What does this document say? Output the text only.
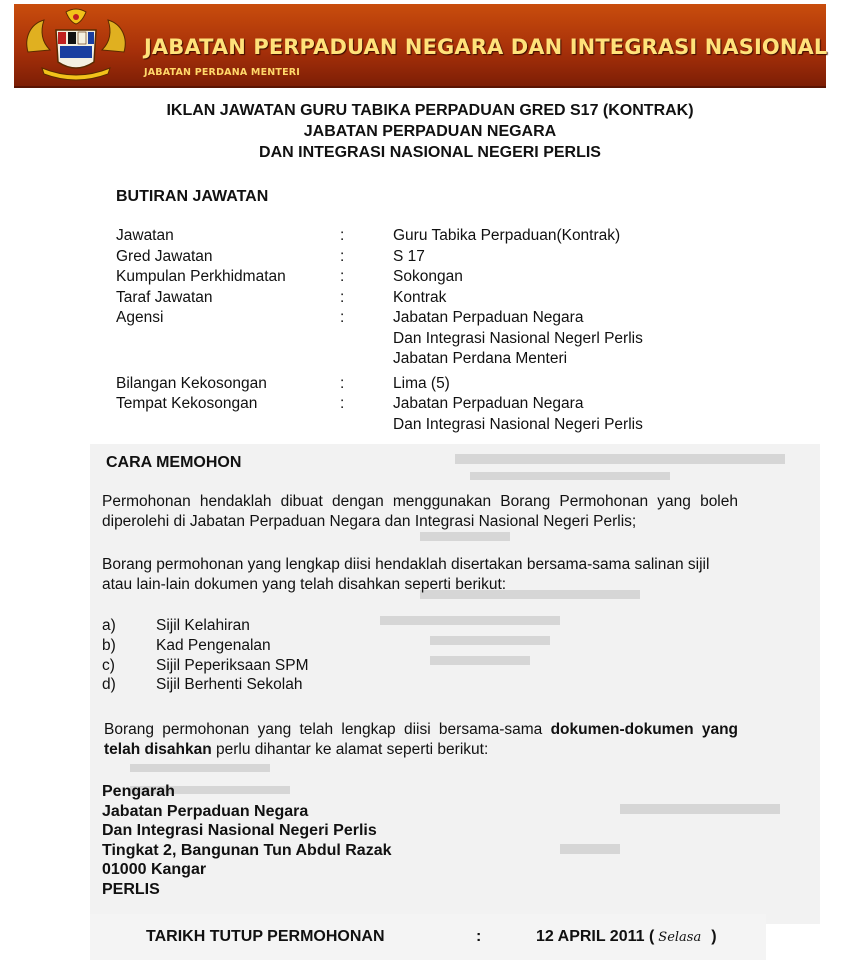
JABATAN PERPADUAN NEGARA DAN INTEGRASI NASIONAL

JABATAN PERDANA MENTERI

IKLAN JAWATAN GURU TABIKA PERPADUAN GRED S17 (KONTRAK)
JABATAN PERPADUAN NEGARA
DAN INTEGRASI NASIONAL NEGERI PERLIS
BUTIRAN JAWATAN
Jawatan	:	Guru Tabika Perpaduan(Kontrak)
Gred Jawatan	:	S 17
Kumpulan Perkhidmatan	:	Sokongan
Taraf Jawatan	:	Kontrak
Agensi	:	Jabatan Perpaduan Negara
Dan Integrasi Nasional Negerl Perlis
Jabatan Perdana Menteri
Bilangan Kekosongan	:	Lima (5)
Tempat Kekosongan	:	Jabatan Perpaduan Negara
Dan Integrasi Nasional Negeri Perlis
CARA MEMOHON

Permohonan hendaklah dibuat dengan menggunakan Borang Permohonan yang boleh diperolehi di Jabatan Perpaduan Negara dan Integrasi Nasional Negeri Perlis;

Borang permohonan yang lengkap diisi hendaklah disertakan bersama-sama salinan sijil atau lain-lain dokumen yang telah disahkan seperti berikut:

a)	Sijil Kelahiran
b)	Kad Pengenalan
c)	Sijil Peperiksaan SPM
d)	Sijil Berhenti Sekolah

Borang permohonan yang telah lengkap diisi bersama-sama dokumen-dokumen yang telah disahkan perlu dihantar ke alamat seperti berikut:

Pengarah
Jabatan Perpaduan Negara
Dan Integrasi Nasional Negeri Perlis
Tingkat 2, Bangunan Tun Abdul Razak
01000 Kangar
PERLIS

TARIKH TUTUP PERMOHONAN	:	12 APRIL 2011 ( Selasa )
